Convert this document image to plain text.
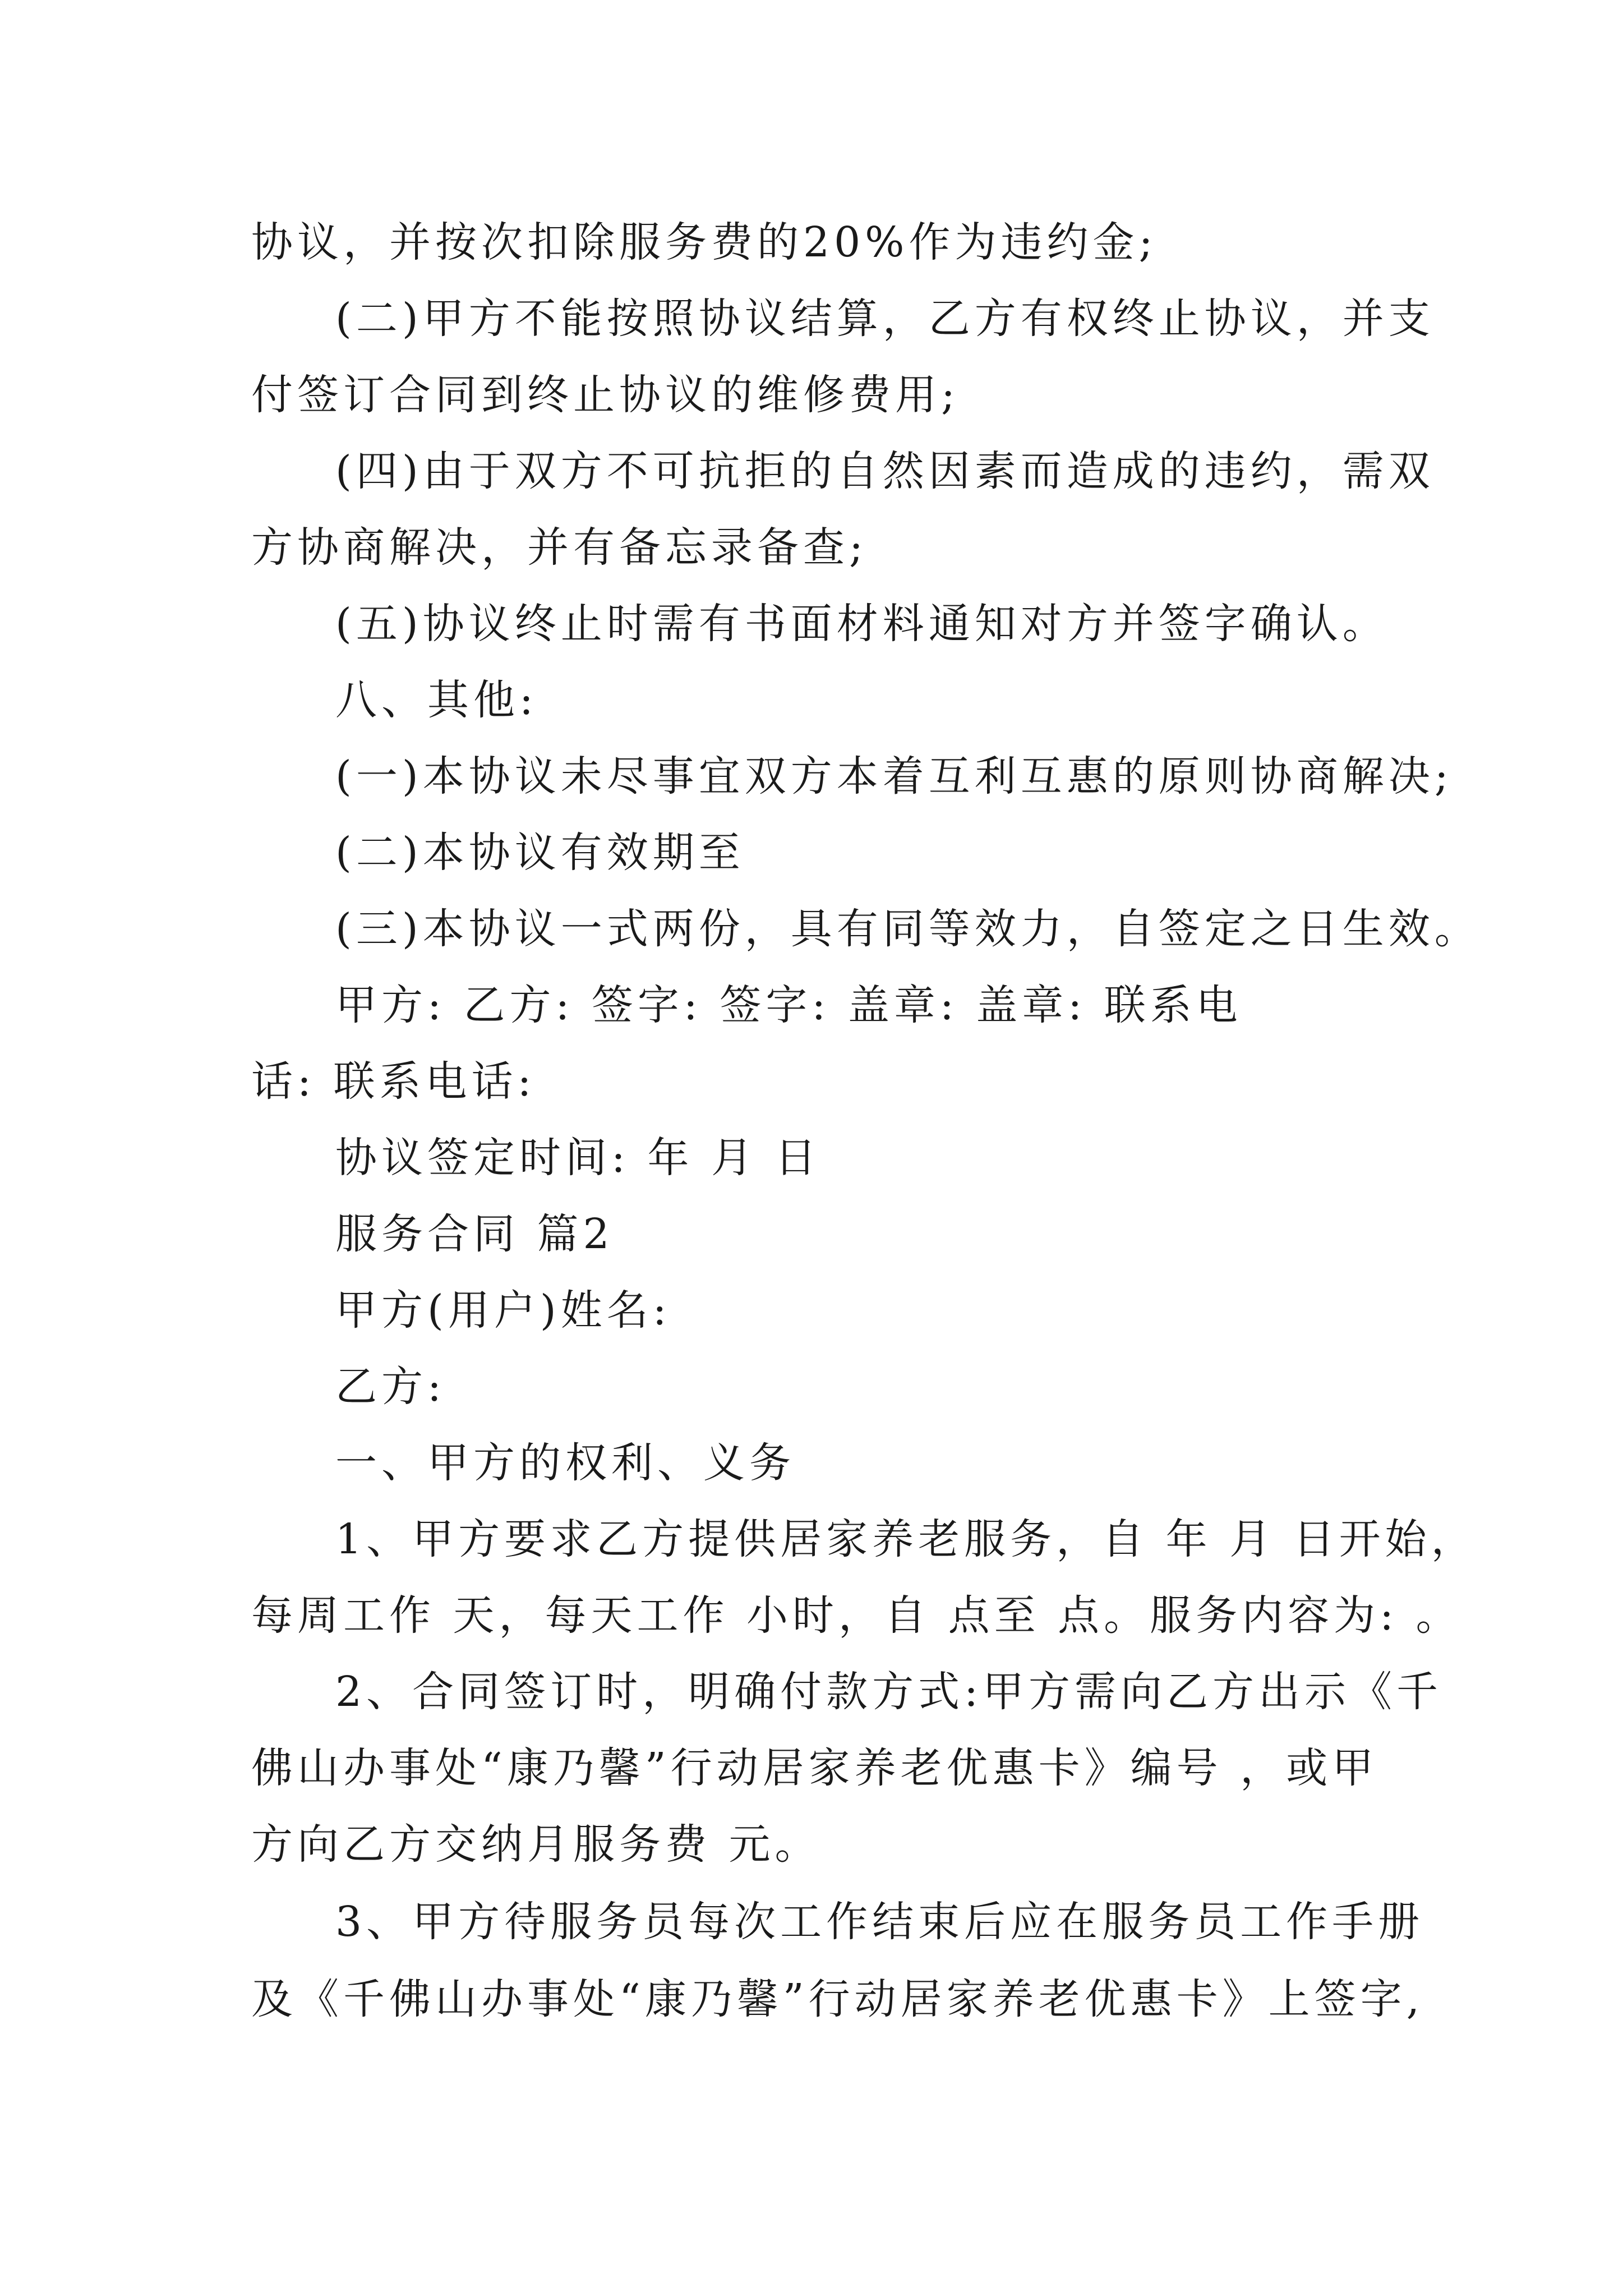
协议，并按次扣除服务费的20%作为违约金;
(二)甲方不能按照协议结算，乙方有权终止协议，并支
付签订合同到终止协议的维修费用;
(四)由于双方不可抗拒的自然因素而造成的违约，需双
方协商解决，并有备忘录备查;
(五)协议终止时需有书面材料通知对方并签字确认。
八、其他:
(一)本协议未尽事宜双方本着互利互惠的原则协商解决;
(二)本协议有效期至
(三)本协议一式两份，具有同等效力，自签定之日生效。
甲方: 乙方: 签字: 签字: 盖章: 盖章: 联系电
话: 联系电话:
协议签定时间: 年 月 日
服务合同 篇2
甲方(用户)姓名:
乙方:
一、甲方的权利、义务
1、甲方要求乙方提供居家养老服务，自 年 月 日开始，
每周工作 天，每天工作 小时，自 点至 点。服务内容为: 。
2、合同签订时，明确付款方式:甲方需向乙方出示《千
佛山办事处“康乃馨”行动居家养老优惠卡》编号 ，或甲
方向乙方交纳月服务费 元。
3、甲方待服务员每次工作结束后应在服务员工作手册
及《千佛山办事处“康乃馨”行动居家养老优惠卡》上签字,
